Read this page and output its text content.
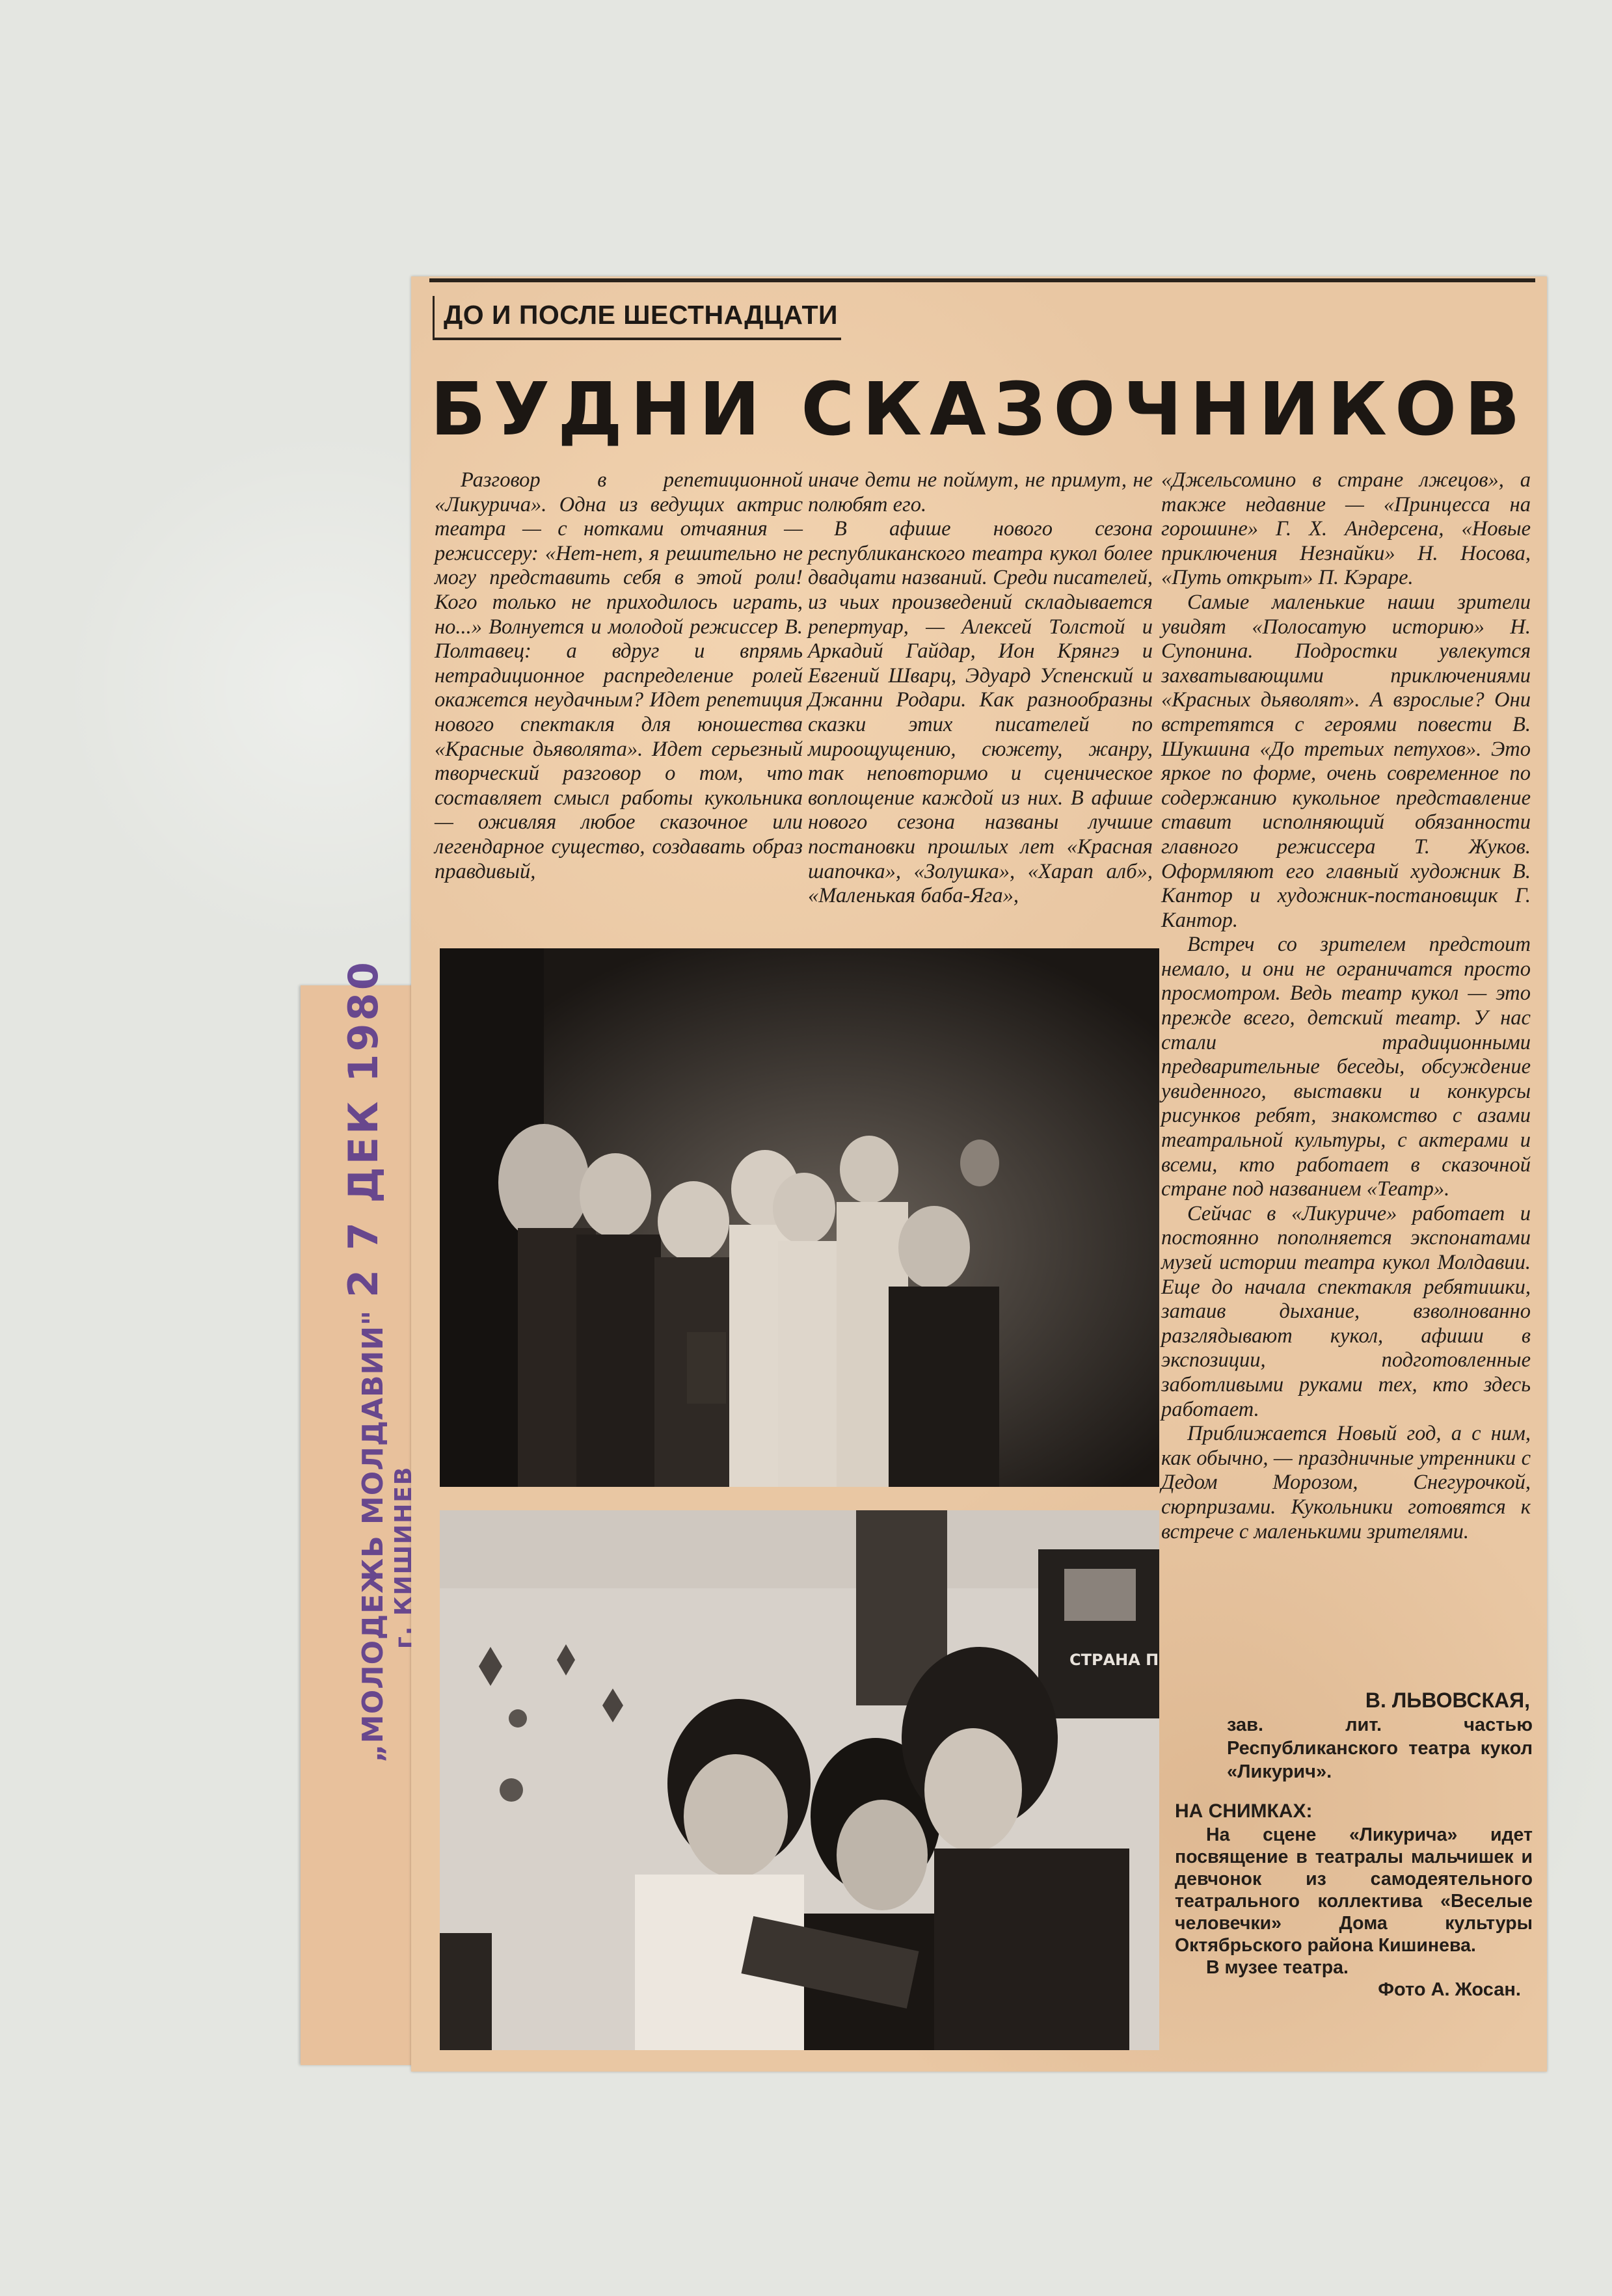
ДО И ПОСЛЕ ШЕСТНАДЦАТИ
БУДНИ СКАЗОЧНИКОВ

Разговор в репетиционной «Ликурича». Одна из ведущих актрис театра — с нотками отчаяния — режиссеру: «Нет-нет, я решительно не могу представить себя в этой роли! Кого только не приходилось играть, но...» Волнуется и молодой режиссер В. Полтавец: а вдруг и впрямь нетрадиционное распределение ролей окажется неудачным? Идет репетиция нового спектакля для юношества «Красные дьяволята». Идет серьезный творческий разговор о том, что составляет смысл работы кукольника — оживляя любое сказочное или легендарное существо, создавать образ правдивый,

иначе дети не поймут, не примут, не полюбят его.

В афише нового сезона республиканского театра кукол более двадцати названий. Среди писателей, из чьих произведений складывается репертуар, — Алексей Толстой и Аркадий Гайдар, Ион Крянгэ и Евгений Шварц, Эдуард Успенский и Джанни Родари. Как разнообразны сказки этих писателей по мироощущению, сюжету, жанру, так неповторимо и сценическое воплощение каждой из них. В афише нового сезона названы лучшие постановки прошлых лет «Красная шапочка», «Золушка», «Харап алб», «Маленькая баба-Яга»,

«Джельсомино в стране лжецов», а также недавние — «Принцесса на горошине» Г. Х. Андерсена, «Новые приключения Незнайки» Н. Носова, «Путь открыт» П. Кэраре.

Самые маленькие наши зрители увидят «Полосатую историю» Н. Супонина. Подростки увлекутся захватывающими приключениями «Красных дьяволят». А взрослые? Они встретятся с героями повести В. Шукшина «До третьих петухов». Это яркое по форме, очень современное по содержанию кукольное представление ставит исполняющий обязанности главного режиссера Т. Жуков. Оформляют его главный художник В. Кантор и художник-постановщик Г. Кантор.

Встреч со зрителем предстоит немало, и они не ограничатся просто просмотром. Ведь театр кукол — это прежде всего, детский театр. У нас стали традиционными предварительные беседы, обсуждение увиденного, выставки и конкурсы рисунков ребят, знакомство с азами театральной культуры, с актерами и всеми, кто работает в сказочной стране под названием «Театр».

Сейчас в «Ликуриче» работает и постоянно пополняется экспонатами музей истории театра кукол Молдавии. Еще до начала спектакля ребятишки, затаив дыхание, взволнованно разглядывают кукол, афиши в экспозиции, подготовленные заботливыми руками тех, кто здесь работает.

Приближается Новый год, а с ним, как обычно, — праздничные утренники с Дедом Морозом, Снегурочкой, сюрпризами. Кукольники готовятся к встрече с маленькими зрителями.

СТРАНА П
В. ЛЬВОВСКАЯ,
зав. лит. частью Республиканского театра кукол «Ликурич».
НА СНИМКАХ:
На сцене «Ликурича» идет посвящение в театралы мальчишек и девчонок из самодеятельного театрального коллектива «Веселые человечки» Дома культуры Октябрьского района Кишинева.
В музее театра.
Фото А. Жосан.
2 7 ДЕК 1980
„МОЛОДЕЖЬ МОЛДАВИИ" г. КИШИНЕВ
